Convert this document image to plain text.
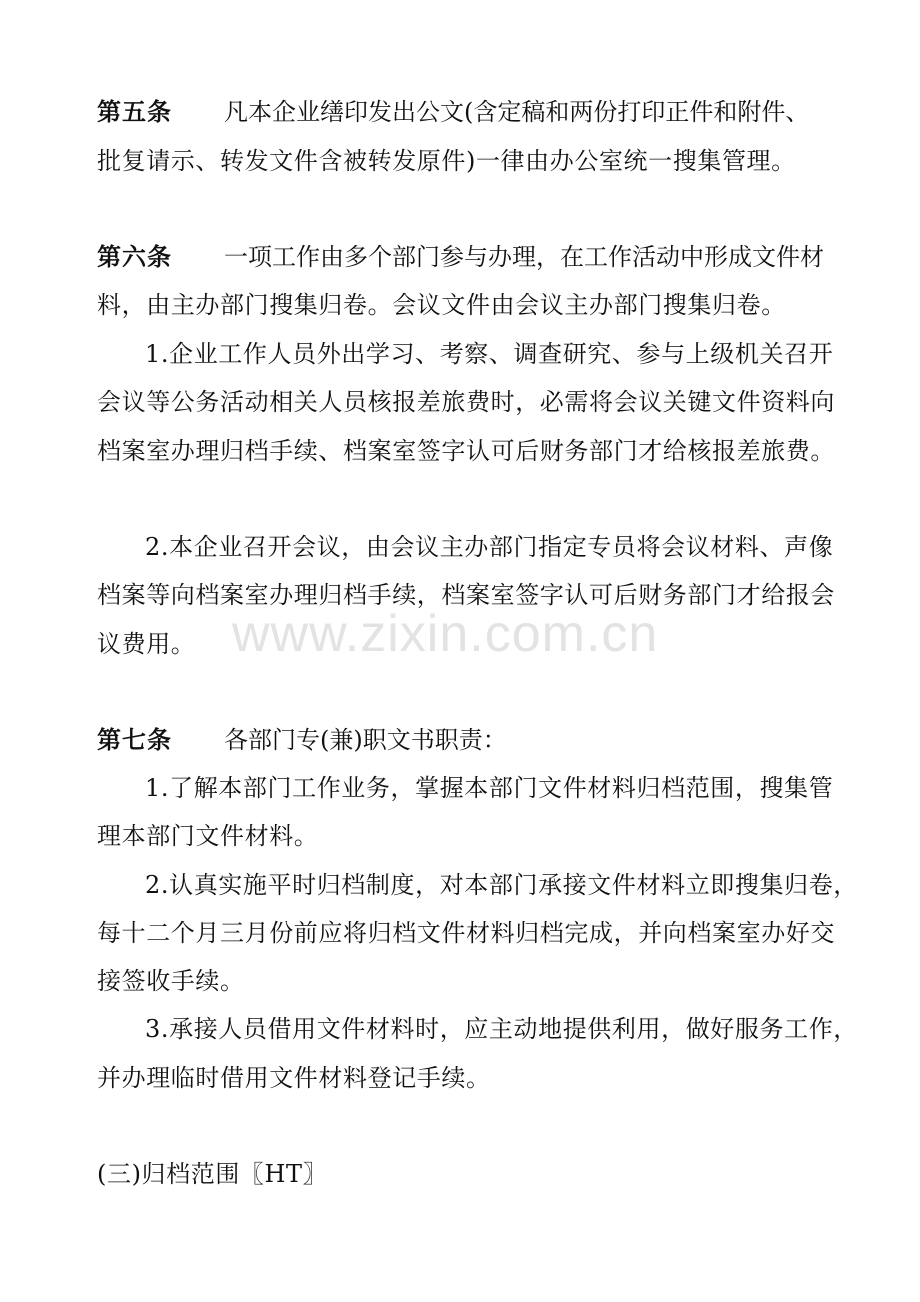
第五条 凡本企业缮印发出公文(含定稿和两份打印正件和附件、
批复请示、转发文件含被转发原件)一律由办公室统一搜集管理。
第六条 一项工作由多个部门参与办理，在工作活动中形成文件材
料，由主办部门搜集归卷。会议文件由会议主办部门搜集归卷。
1.企业工作人员外出学习、考察、调查研究、参与上级机关召开
会议等公务活动相关人员核报差旅费时，必需将会议关键文件资料向
档案室办理归档手续、档案室签字认可后财务部门才给核报差旅费。
2.本企业召开会议，由会议主办部门指定专员将会议材料、声像
档案等向档案室办理归档手续，档案室签字认可后财务部门才给报会
议费用。
第七条 各部门专(兼)职文书职责：
1.了解本部门工作业务，掌握本部门文件材料归档范围，搜集管
理本部门文件材料。
2.认真实施平时归档制度，对本部门承接文件材料立即搜集归卷，
每十二个月三月份前应将归档文件材料归档完成，并向档案室办好交
接签收手续。
3.承接人员借用文件材料时，应主动地提供利用，做好服务工作，
并办理临时借用文件材料登记手续。
(三)归档范围〖HT〗
www.zixin.com.cn
